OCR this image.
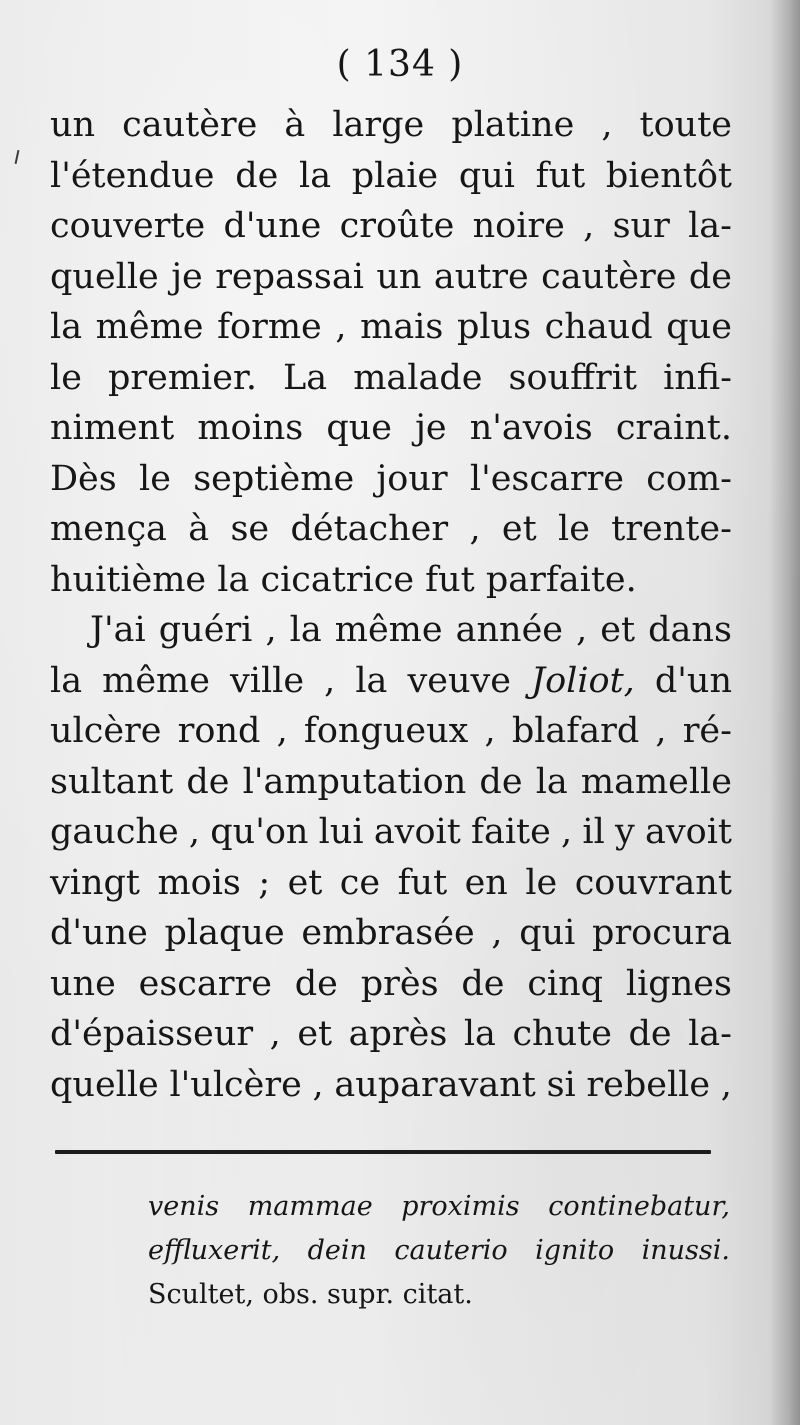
( 134 )
un cautère à large platine , toute
l'étendue de la plaie qui fut bientôt
couverte d'une croûte noire , sur la-
quelle je repassai un autre cautère de
la même forme , mais plus chaud que
le premier. La malade souffrit infi-
niment moins que je n'avois craint.
Dès le septième jour l'escarre com-
mença à se détacher , et le trente-
huitième la cicatrice fut parfaite.
J'ai guéri , la même année , et dans
la même ville , la veuve Joliot, d'un
ulcère rond , fongueux , blafard , ré-
sultant de l'amputation de la mamelle
gauche , qu'on lui avoit faite , il y avoit
vingt mois ; et ce fut en le couvrant
d'une plaque embrasée , qui procura
une escarre de près de cinq lignes
d'épaisseur , et après la chute de la-
quelle l'ulcère , auparavant si rebelle ,
venis mammae proximis continebatur,
effluxerit, dein cauterio ignito inussi.
Scultet, obs. supr. citat.
